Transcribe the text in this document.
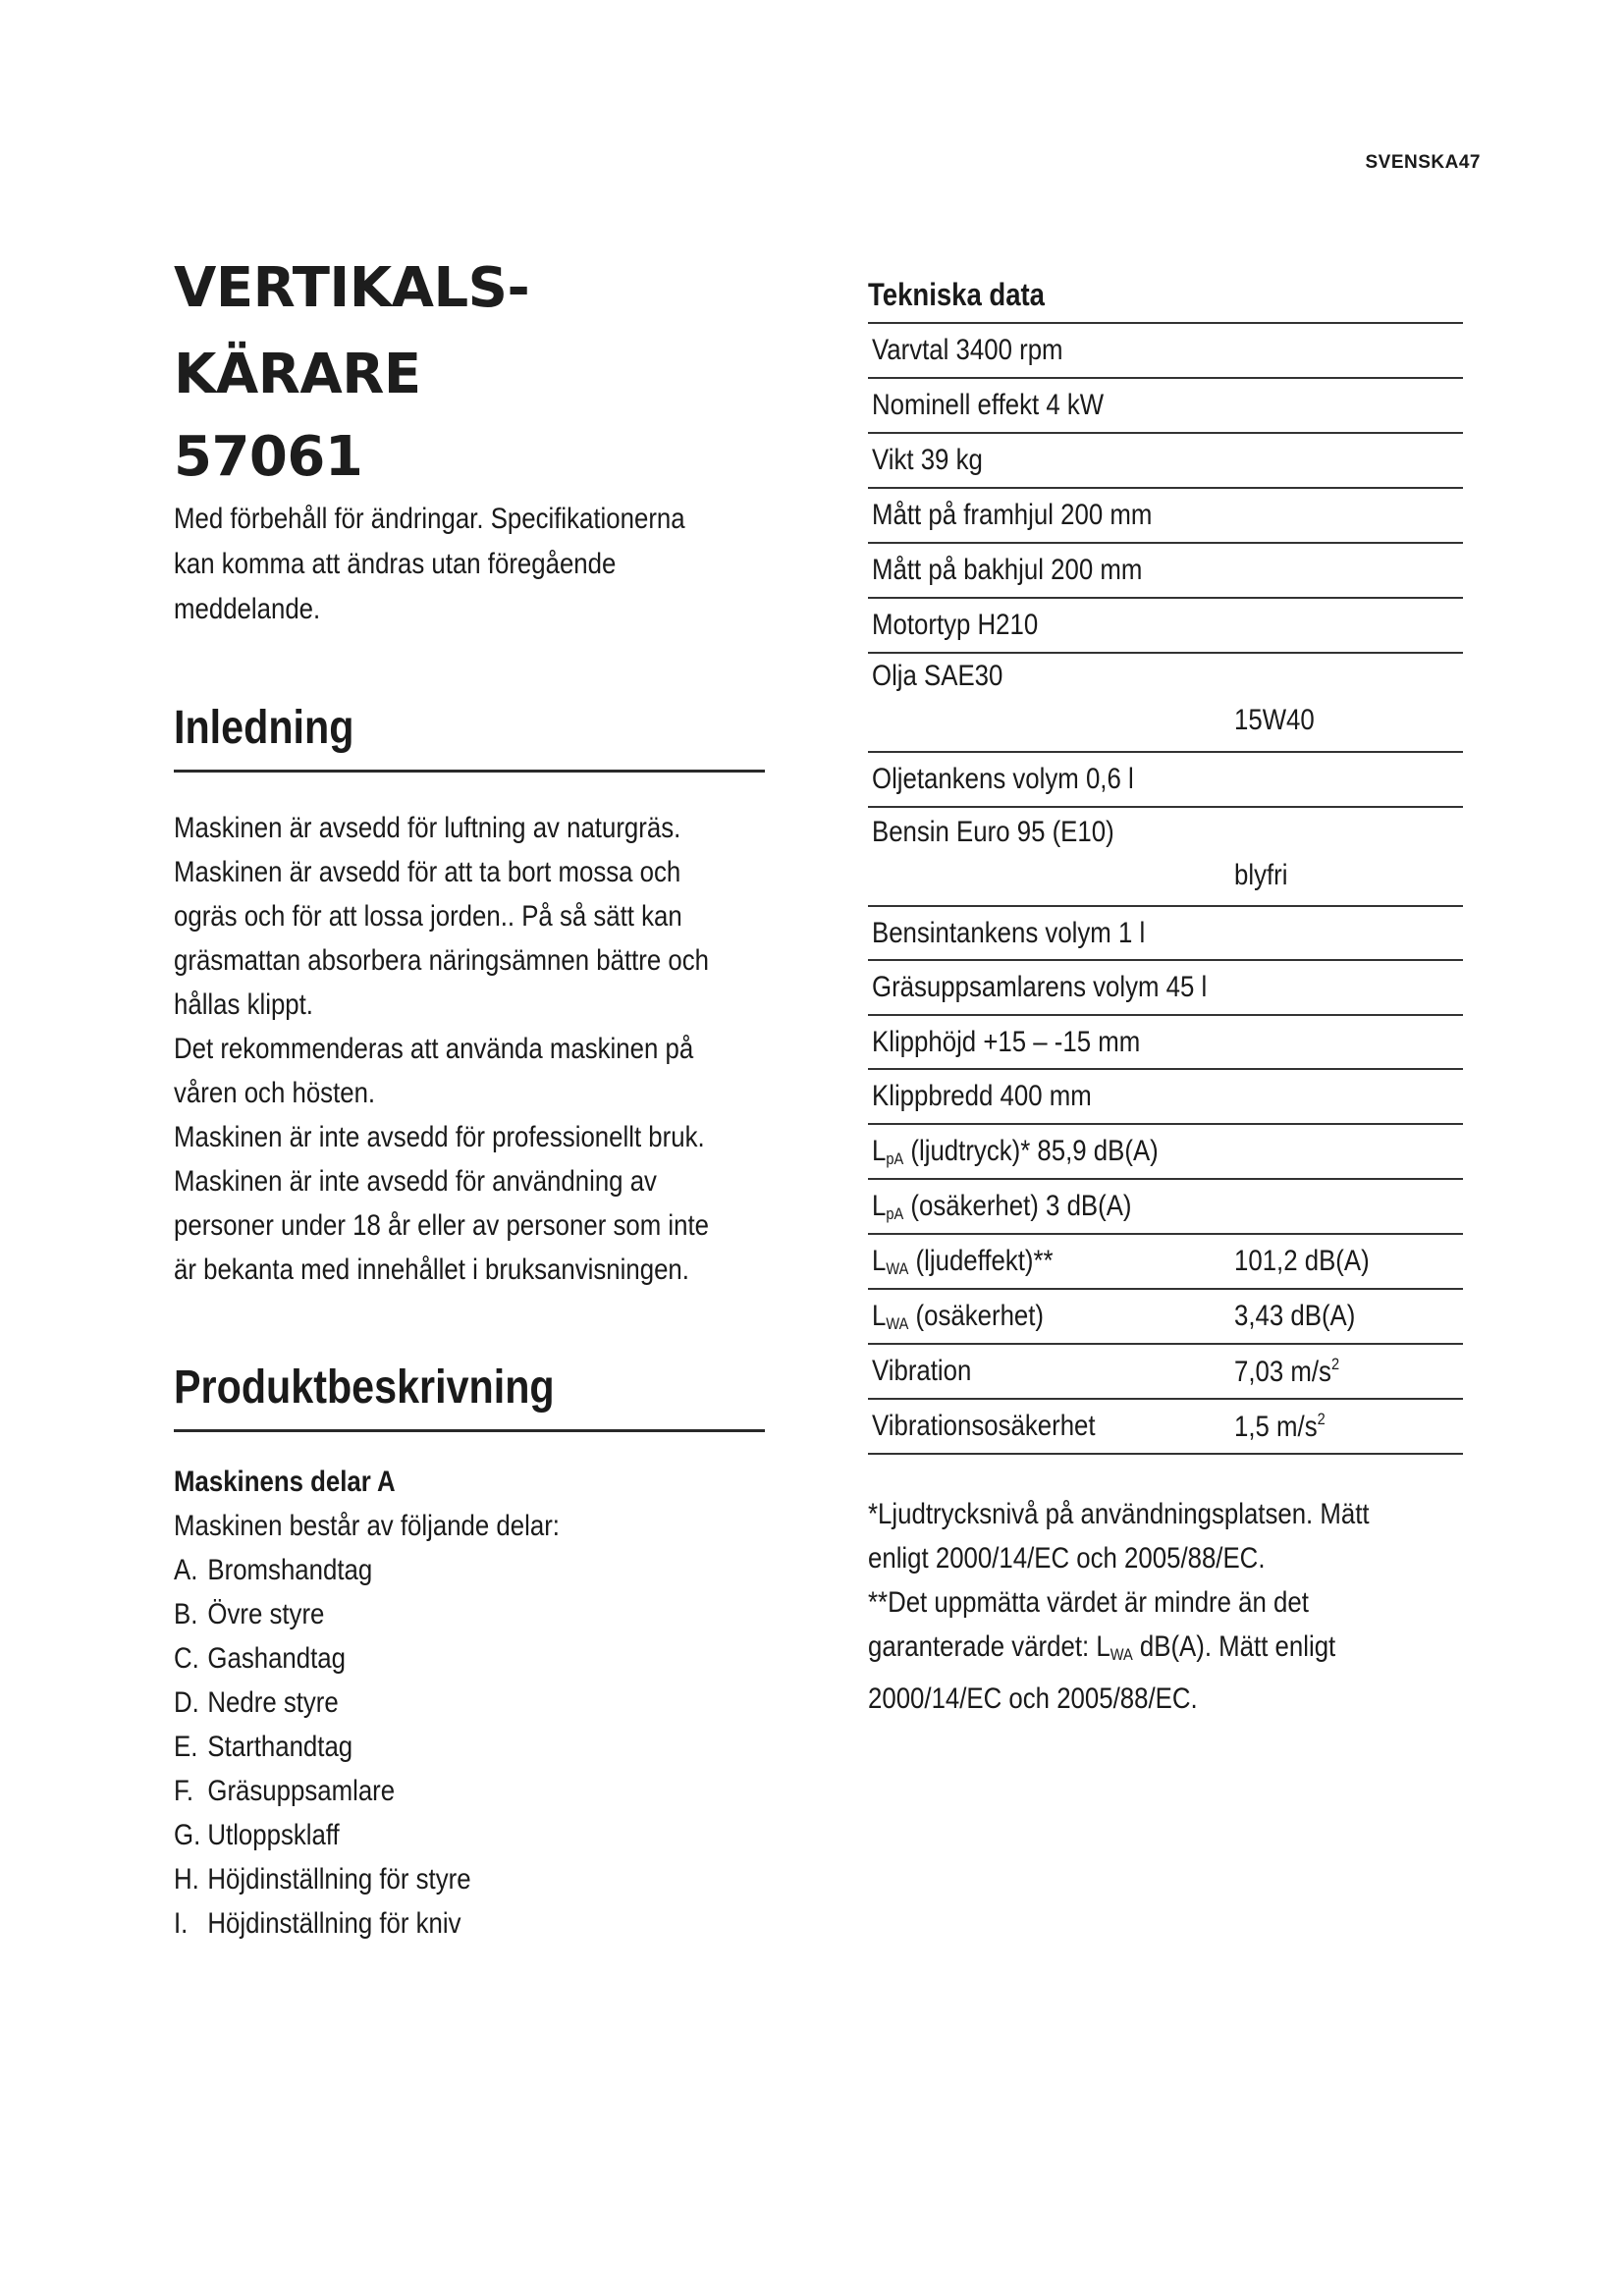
SVENSKA47
VERTIKALS-
KÄRARE
57061

Med förbehåll för ändringar. Specifikationerna
kan komma att ändras utan föregående
meddelande.

Inledning

Maskinen är avsedd för luftning av naturgräs.
Maskinen är avsedd för att ta bort mossa och
ogräs och för att lossa jorden.. På så sätt kan
gräsmattan absorbera näringsämnen bättre och
hållas klippt.
Det rekommenderas att använda maskinen på
våren och hösten.
Maskinen är inte avsedd för professionellt bruk.
Maskinen är inte avsedd för användning av
personer under 18 år eller av personer som inte
är bekanta med innehållet i bruksanvisningen.

Produktbeskrivning
Maskinens delar A
Maskinen består av följande delar:
A. Bromshandtag
B. Övre styre
C. Gashandtag
D. Nedre styre
E. Starthandtag
F. Gräsuppsamlare
G. Utloppsklaff
H. Höjdinställning för styre
I. Höjdinställning för kniv
Tekniska data
Varvtal 3400 rpm
Nominell effekt 4 kW
Vikt 39 kg
Mått på framhjul 200 mm
Mått på bakhjul 200 mm
Motortyp H210
Olja SAE30
15W40
Oljetankens volym 0,6 l
Bensin Euro 95 (E10)
blyfri
Bensintankens volym 1 l
Gräsuppsamlarens volym 45 l
Klipphöjd +15 – -15 mm
Klippbredd 400 mm
$L_{pA}$ (ljudtryck)* 85,9 dB(A)
$L_{pA}$ (osäkerhet) 3 dB(A)
$L_{WA}$ (ljudeffekt)**	101,2 dB(A)
$L_{WA}$ (osäkerhet)	3,43 dB(A)
Vibration	7,03 $m/s^2$
Vibrationsosäkerhet	1,5 $m/s^2$

*Ljudtrycksnivå på användningsplatsen. Mätt
enligt 2000/14/EC och 2005/88/EC.
**Det uppmätta värdet är mindre än det
garanterade värdet: $L_{WA}$ dB(A). Mätt enligt
2000/14/EC och 2005/88/EC.
